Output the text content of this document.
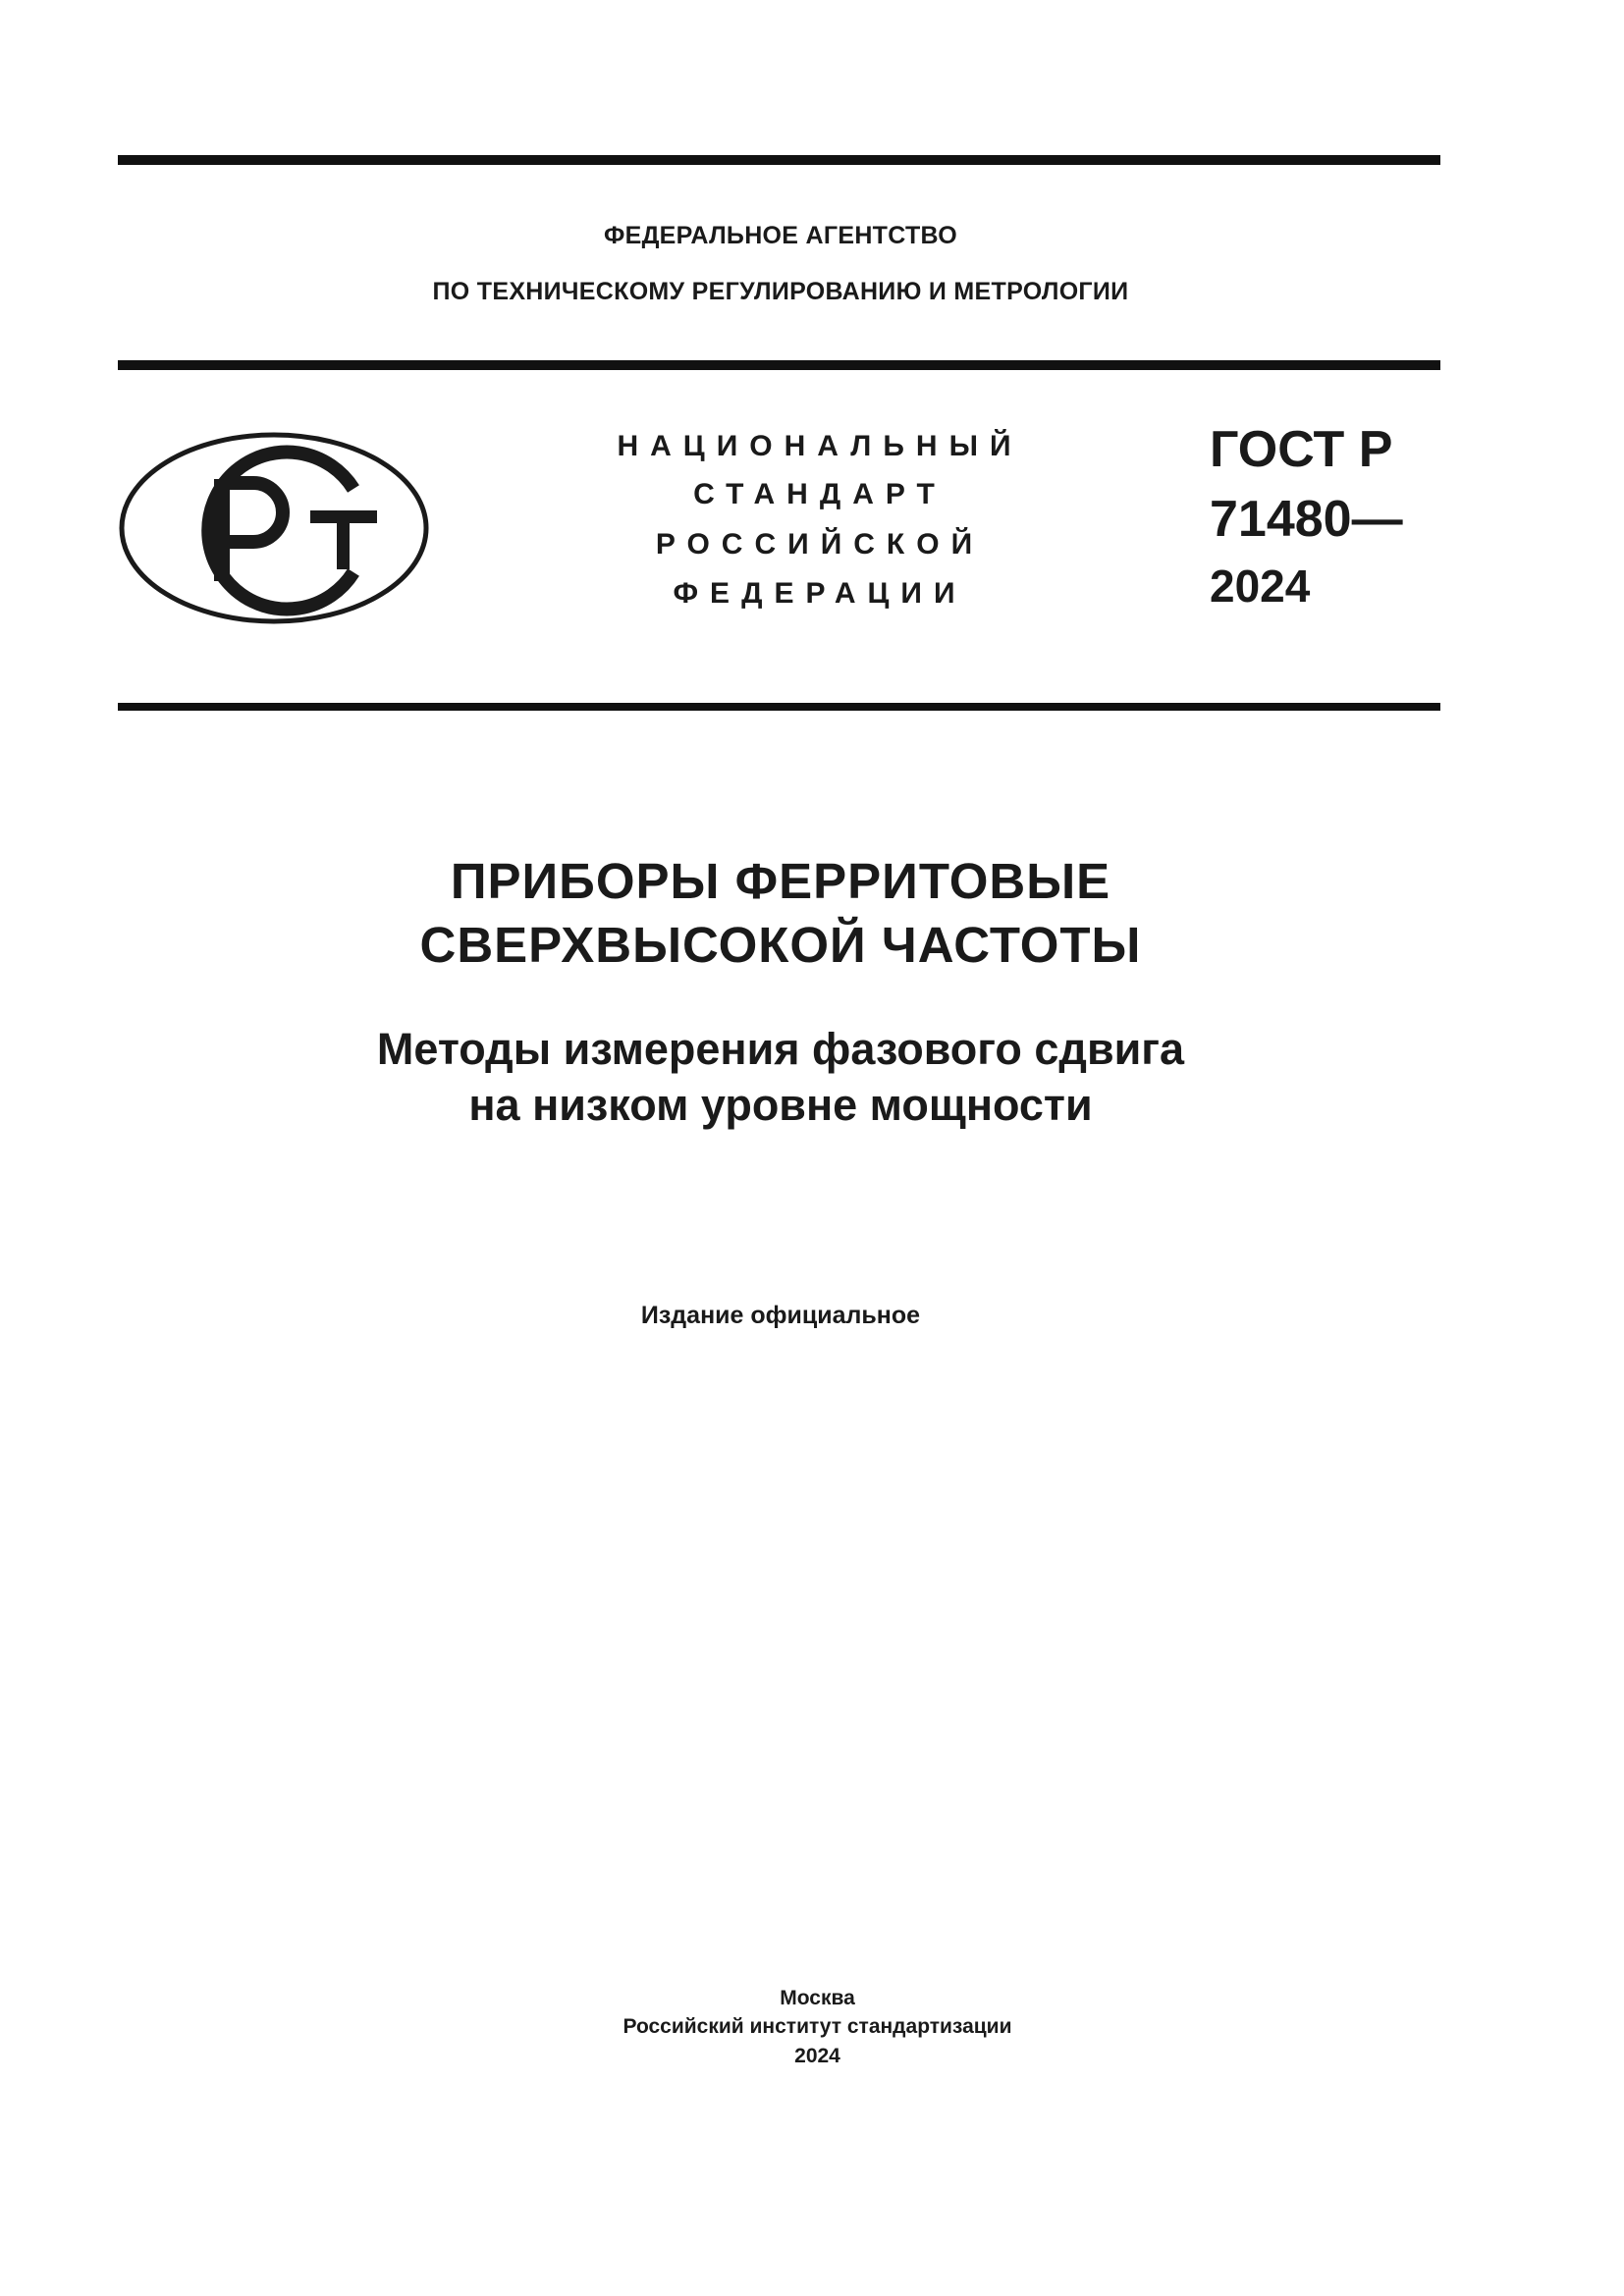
ФЕДЕРАЛЬНОЕ АГЕНТСТВО
ПО ТЕХНИЧЕСКОМУ РЕГУЛИРОВАНИЮ И МЕТРОЛОГИИ
НАЦИОНАЛЬНЫЙ
СТАНДАРТ
РОССИЙСКОЙ
ФЕДЕРАЦИИ
ГОСТ Р
71480—
2024
ПРИБОРЫ ФЕРРИТОВЫЕ
СВЕРХВЫСОКОЙ ЧАСТОТЫ
Методы измерения фазового сдвига
на низком уровне мощности
Издание официальное
Москва
Российский институт стандартизации
2024
